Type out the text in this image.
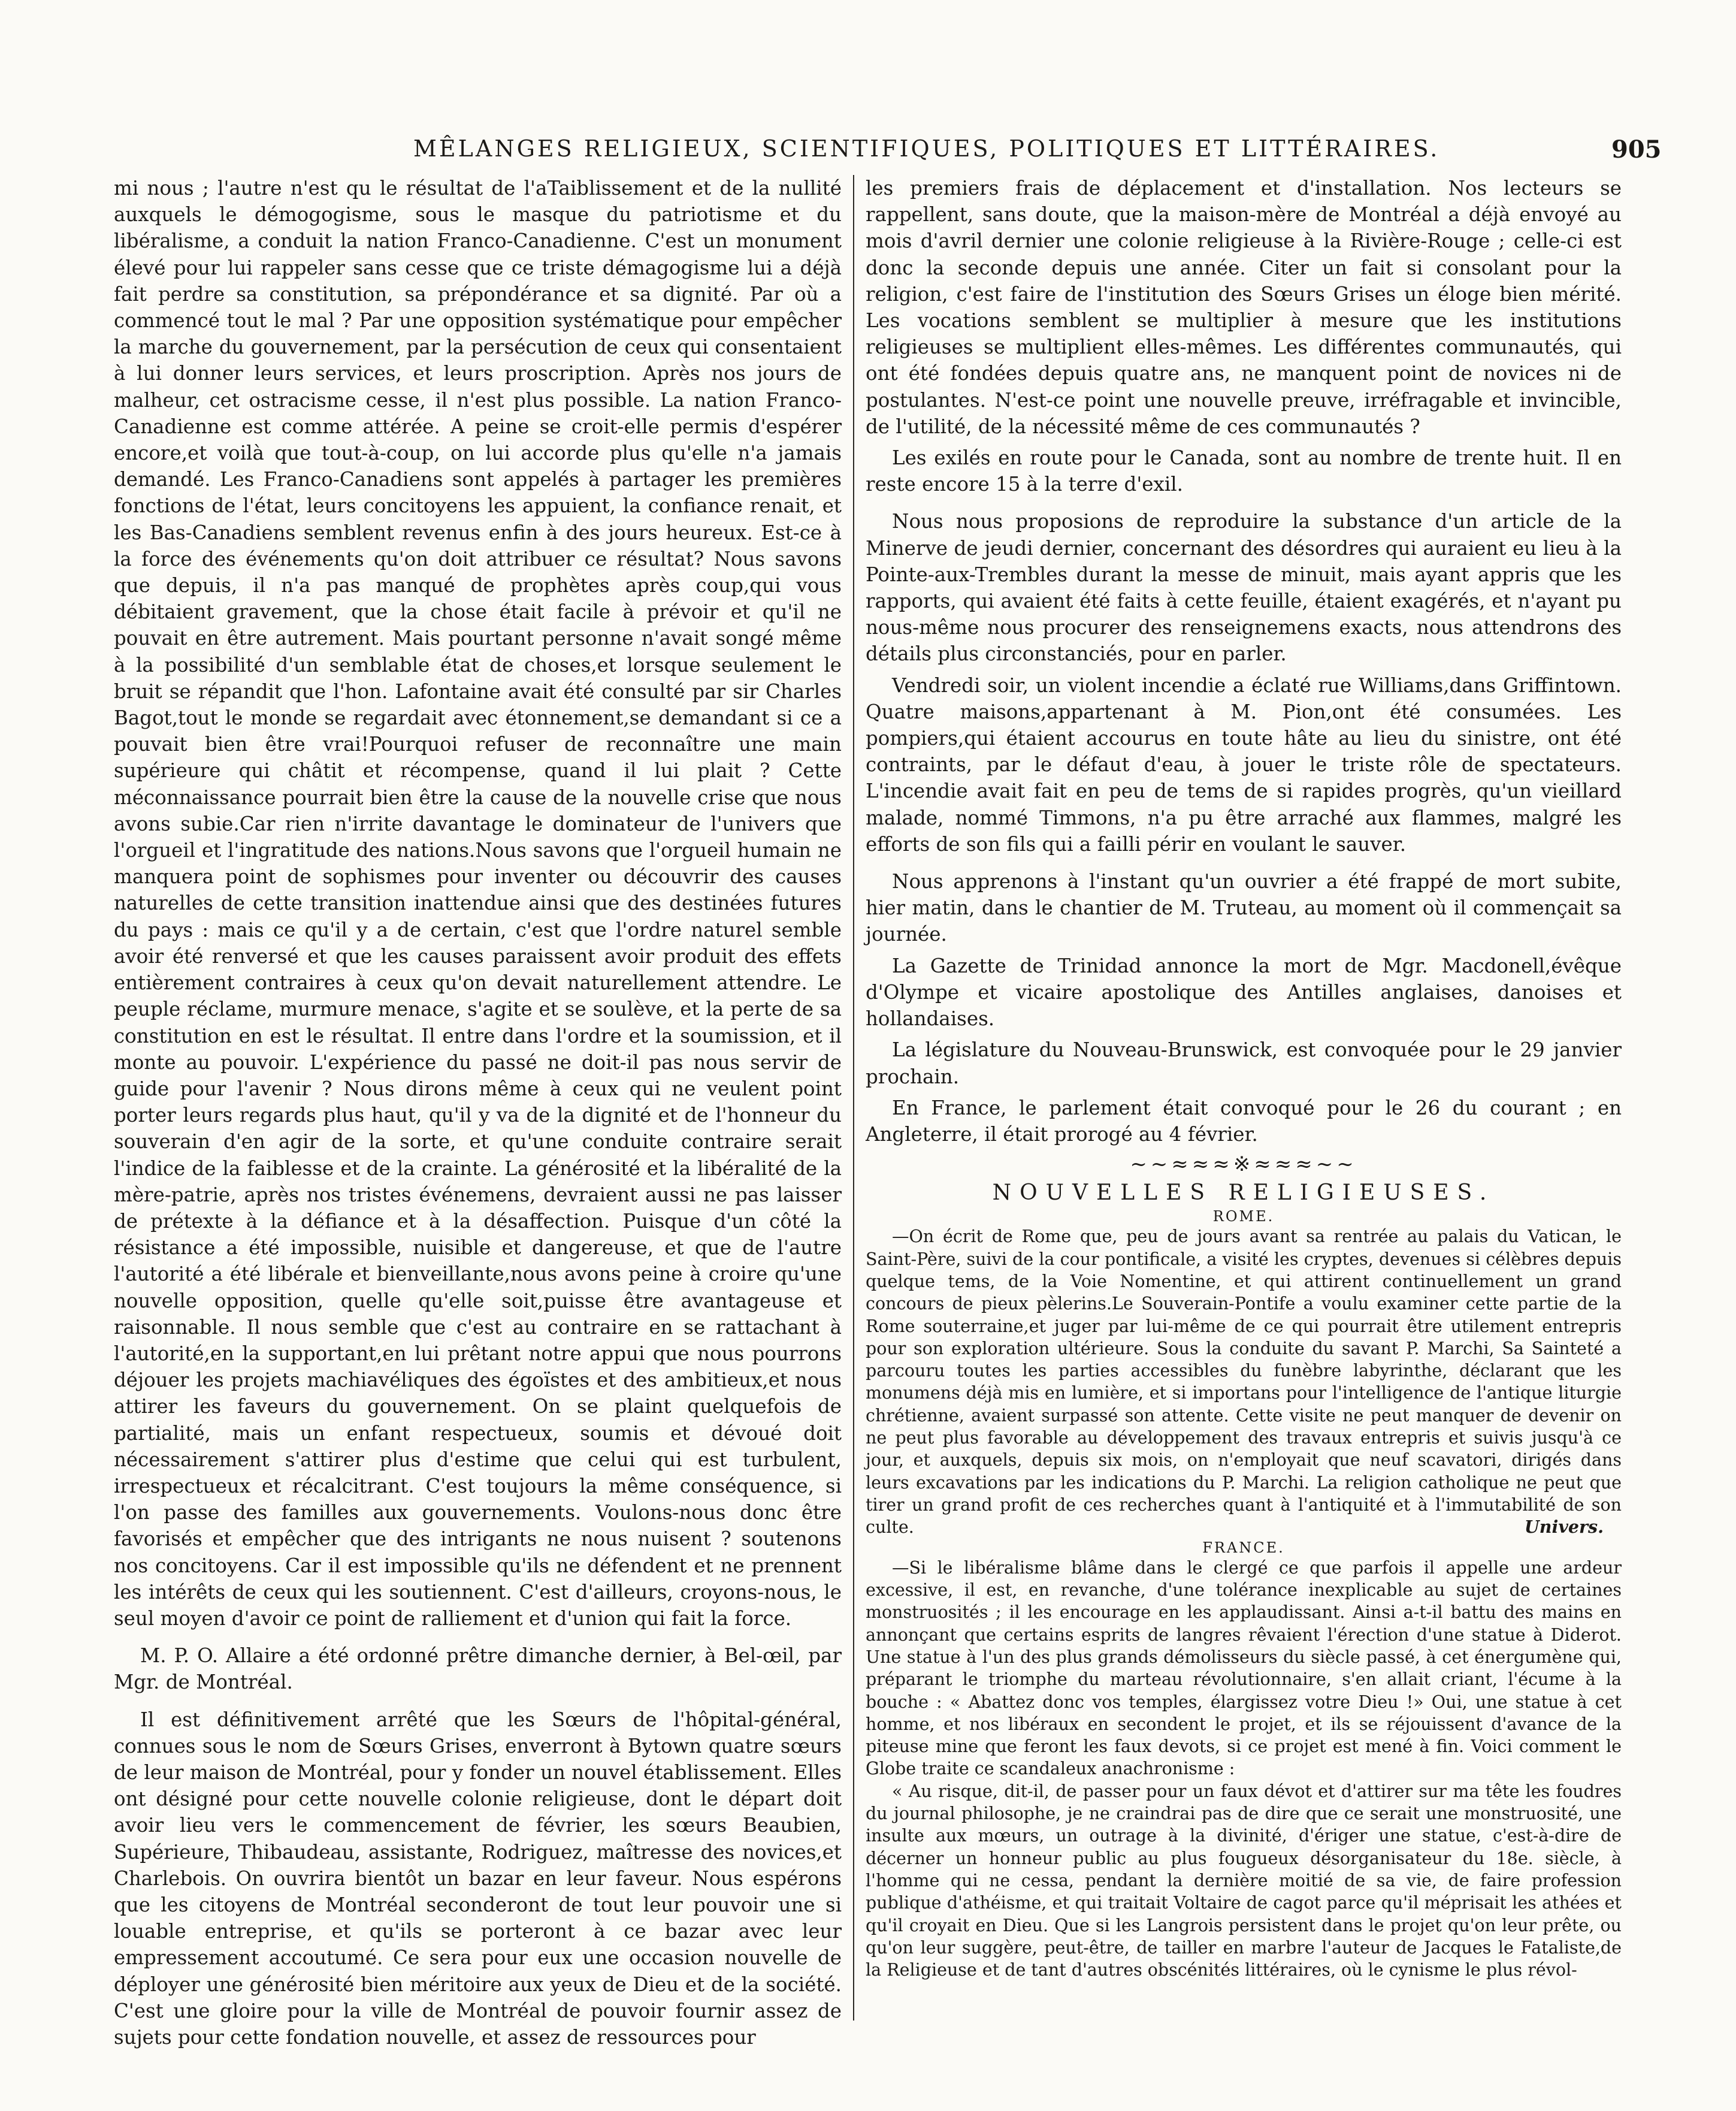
MÊLANGES RELIGIEUX, SCIENTIFIQUES, POLITIQUES ET LITTÉRAIRES.	905

mi nous ; l'autre n'est qu le résultat de l'aTaiblissement et de la nullité auxquels le démogogisme, sous le masque du patriotisme et du libéralisme, a conduit la nation Franco-Canadienne. C'est un monument élevé pour lui rappeler sans cesse que ce triste démagogisme lui a déjà fait perdre sa constitution, sa prépondérance et sa dignité. Par où a commencé tout le mal ? Par une opposition systématique pour empêcher la marche du gouvernement, par la persécution de ceux qui consentaient à lui donner leurs services, et leurs proscription. Après nos jours de malheur, cet ostracisme cesse, il n'est plus possible. La nation Franco-Canadienne est comme attérée. A peine se croit-elle permis d'espérer encore,et voilà que tout-à-coup, on lui accorde plus qu'elle n'a jamais demandé. Les Franco-Canadiens sont appelés à partager les premières fonctions de l'état, leurs concitoyens les appuient, la confiance renait, et les Bas-Canadiens semblent revenus enfin à des jours heureux. Est-ce à la force des événements qu'on doit attribuer ce résultat? Nous savons que depuis, il n'a pas manqué de prophètes après coup,qui vous débitaient gravement, que la chose était facile à prévoir et qu'il ne pouvait en être autrement. Mais pourtant personne n'avait songé même à la possibilité d'un semblable état de choses,et lorsque seulement le bruit se répandit que l'hon. Lafontaine avait été consulté par sir Charles Bagot,tout le monde se regardait avec étonnement,se demandant si ce a pouvait bien être vrai!Pourquoi refuser de reconnaître une main supérieure qui châtit et récompense, quand il lui plait ? Cette méconnaissance pourrait bien être la cause de la nouvelle crise que nous avons subie.Car rien n'irrite davantage le dominateur de l'univers que l'orgueil et l'ingratitude des nations.Nous savons que l'orgueil humain ne manquera point de sophismes pour inventer ou découvrir des causes naturelles de cette transition inattendue ainsi que des destinées futures du pays : mais ce qu'il y a de certain, c'est que l'ordre naturel semble avoir été renversé et que les causes paraissent avoir produit des effets entièrement contraires à ceux qu'on devait naturellement attendre. Le peuple réclame, murmure menace, s'agite et se soulève, et la perte de sa constitution en est le résultat. Il entre dans l'ordre et la soumission, et il monte au pouvoir. L'expérience du passé ne doit-il pas nous servir de guide pour l'avenir ? Nous dirons même à ceux qui ne veulent point porter leurs regards plus haut, qu'il y va de la dignité et de l'honneur du souverain d'en agir de la sorte, et qu'une conduite contraire serait l'indice de la faiblesse et de la crainte. La générosité et la libéralité de la mère-patrie, après nos tristes événemens, devraient aussi ne pas laisser de prétexte à la défiance et à la désaffection. Puisque d'un côté la résistance a été impossible, nuisible et dangereuse, et que de l'autre l'autorité a été libérale et bienveillante,nous avons peine à croire qu'une nouvelle opposition, quelle qu'elle soit,puisse être avantageuse et raisonnable. Il nous semble que c'est au contraire en se rattachant à l'autorité,en la supportant,en lui prêtant notre appui que nous pourrons déjouer les projets machiavéliques des égoïstes et des ambitieux,et nous attirer les faveurs du gouvernement. On se plaint quelquefois de partialité, mais un enfant respectueux, soumis et dévoué doit nécessairement s'attirer plus d'estime que celui qui est turbulent, irrespectueux et récalcitrant. C'est toujours la même conséquence, si l'on passe des familles aux gouvernements. Voulons-nous donc être favorisés et empêcher que des intrigants ne nous nuisent ? soutenons nos concitoyens. Car il est impossible qu'ils ne défendent et ne prennent les intérêts de ceux qui les soutiennent. C'est d'ailleurs, croyons-nous, le seul moyen d'avoir ce point de ralliement et d'union qui fait la force.

M. P. O. Allaire a été ordonné prêtre dimanche dernier, à Bel-œil, par Mgr. de Montréal.

Il est définitivement arrêté que les Sœurs de l'hôpital-général, connues sous le nom de Sœurs Grises, enverront à Bytown quatre sœurs de leur maison de Montréal, pour y fonder un nouvel établissement. Elles ont désigné pour cette nouvelle colonie religieuse, dont le départ doit avoir lieu vers le commencement de février, les sœurs Beaubien, Supérieure, Thibaudeau, assistante, Rodriguez, maîtresse des novices,et Charlebois. On ouvrira bientôt un bazar en leur faveur. Nous espérons que les citoyens de Montréal seconderont de tout leur pouvoir une si louable entreprise, et qu'ils se porteront à ce bazar avec leur empressement accoutumé. Ce sera pour eux une occasion nouvelle de déployer une générosité bien méritoire aux yeux de Dieu et de la société. C'est une gloire pour la ville de Montréal de pouvoir fournir assez de sujets pour cette fondation nouvelle, et assez de ressources pour

les premiers frais de déplacement et d'installation. Nos lecteurs se rappellent, sans doute, que la maison-mère de Montréal a déjà envoyé au mois d'avril dernier une colonie religieuse à la Rivière-Rouge ; celle-ci est donc la seconde depuis une année. Citer un fait si consolant pour la religion, c'est faire de l'institution des Sœurs Grises un éloge bien mérité. Les vocations semblent se multiplier à mesure que les institutions religieuses se multiplient elles-mêmes. Les différentes communautés, qui ont été fondées depuis quatre ans, ne manquent point de novices ni de postulantes. N'est-ce point une nouvelle preuve, irréfragable et invincible, de l'utilité, de la nécessité même de ces communautés ?

Les exilés en route pour le Canada, sont au nombre de trente huit. Il en reste encore 15 à la terre d'exil.

Nous nous proposions de reproduire la substance d'un article de la Minerve de jeudi dernier, concernant des désordres qui auraient eu lieu à la Pointe-aux-Trembles durant la messe de minuit, mais ayant appris que les rapports, qui avaient été faits à cette feuille, étaient exagérés, et n'ayant pu nous-même nous procurer des renseignemens exacts, nous attendrons des détails plus circonstanciés, pour en parler.

Vendredi soir, un violent incendie a éclaté rue Williams,dans Griffintown. Quatre maisons,appartenant à M. Pion,ont été consumées. Les pompiers,qui étaient accourus en toute hâte au lieu du sinistre, ont été contraints, par le défaut d'eau, à jouer le triste rôle de spectateurs. L'incendie avait fait en peu de tems de si rapides progrès, qu'un vieillard malade, nommé Timmons, n'a pu être arraché aux flammes, malgré les efforts de son fils qui a failli périr en voulant le sauver.

Nous apprenons à l'instant qu'un ouvrier a été frappé de mort subite, hier matin, dans le chantier de M. Truteau, au moment où il commençait sa journée.

La Gazette de Trinidad annonce la mort de Mgr. Macdonell,évêque d'Olympe et vicaire apostolique des Antilles anglaises, danoises et hollandaises.

La législature du Nouveau-Brunswick, est convoquée pour le 29 janvier prochain.

En France, le parlement était convoqué pour le 26 du courant ; en Angleterre, il était prorogé au 4 février.

~~≈≈≈※≈≈≈~~
NOUVELLES RELIGIEUSES.
ROME.

—On écrit de Rome que, peu de jours avant sa rentrée au palais du Vatican, le Saint-Père, suivi de la cour pontificale, a visité les cryptes, devenues si célèbres depuis quelque tems, de la Voie Nomentine, et qui attirent continuellement un grand concours de pieux pèlerins.Le Souverain-Pontife a voulu examiner cette partie de la Rome souterraine,et juger par lui-même de ce qui pourrait être utilement entrepris pour son exploration ultérieure. Sous la conduite du savant P. Marchi, Sa Sainteté a parcouru toutes les parties accessibles du funèbre labyrinthe, déclarant que les monumens déjà mis en lumière, et si importans pour l'intelligence de l'antique liturgie chrétienne, avaient surpassé son attente. Cette visite ne peut manquer de devenir on ne peut plus favorable au développement des travaux entrepris et suivis jusqu'à ce jour, et auxquels, depuis six mois, on n'employait que neuf scavatori, dirigés dans leurs excavations par les indications du P. Marchi. La religion catholique ne peut que tirer un grand profit de ces recherches quant à l'antiquité et à l'immutabilité de son culte.	Univers.

FRANCE.

—Si le libéralisme blâme dans le clergé ce que parfois il appelle une ardeur excessive, il est, en revanche, d'une tolérance inexplicable au sujet de certaines monstruosités ; il les encourage en les applaudissant. Ainsi a-t-il battu des mains en annonçant que certains esprits de langres rêvaient l'érection d'une statue à Diderot. Une statue à l'un des plus grands démolisseurs du siècle passé, à cet énergumène qui, préparant le triomphe du marteau révolutionnaire, s'en allait criant, l'écume à la bouche : « Abattez donc vos temples, élargissez votre Dieu !» Oui, une statue à cet homme, et nos libéraux en secondent le projet, et ils se réjouissent d'avance de la piteuse mine que feront les faux devots, si ce projet est mené à fin. Voici comment le Globe traite ce scandaleux anachronisme :

« Au risque, dit-il, de passer pour un faux dévot et d'attirer sur ma tête les foudres du journal philosophe, je ne craindrai pas de dire que ce serait une monstruosité, une insulte aux mœurs, un outrage à la divinité, d'ériger une statue, c'est-à-dire de décerner un honneur public au plus fougueux désorganisateur du 18e. siècle, à l'homme qui ne cessa, pendant la dernière moitié de sa vie, de faire profession publique d'athéisme, et qui traitait Voltaire de cagot parce qu'il méprisait les athées et qu'il croyait en Dieu. Que si les Langrois persistent dans le projet qu'on leur prête, ou qu'on leur suggère, peut-être, de tailler en marbre l'auteur de Jacques le Fataliste,de la Religieuse et de tant d'autres obscénités littéraires, où le cynisme le plus révol-
